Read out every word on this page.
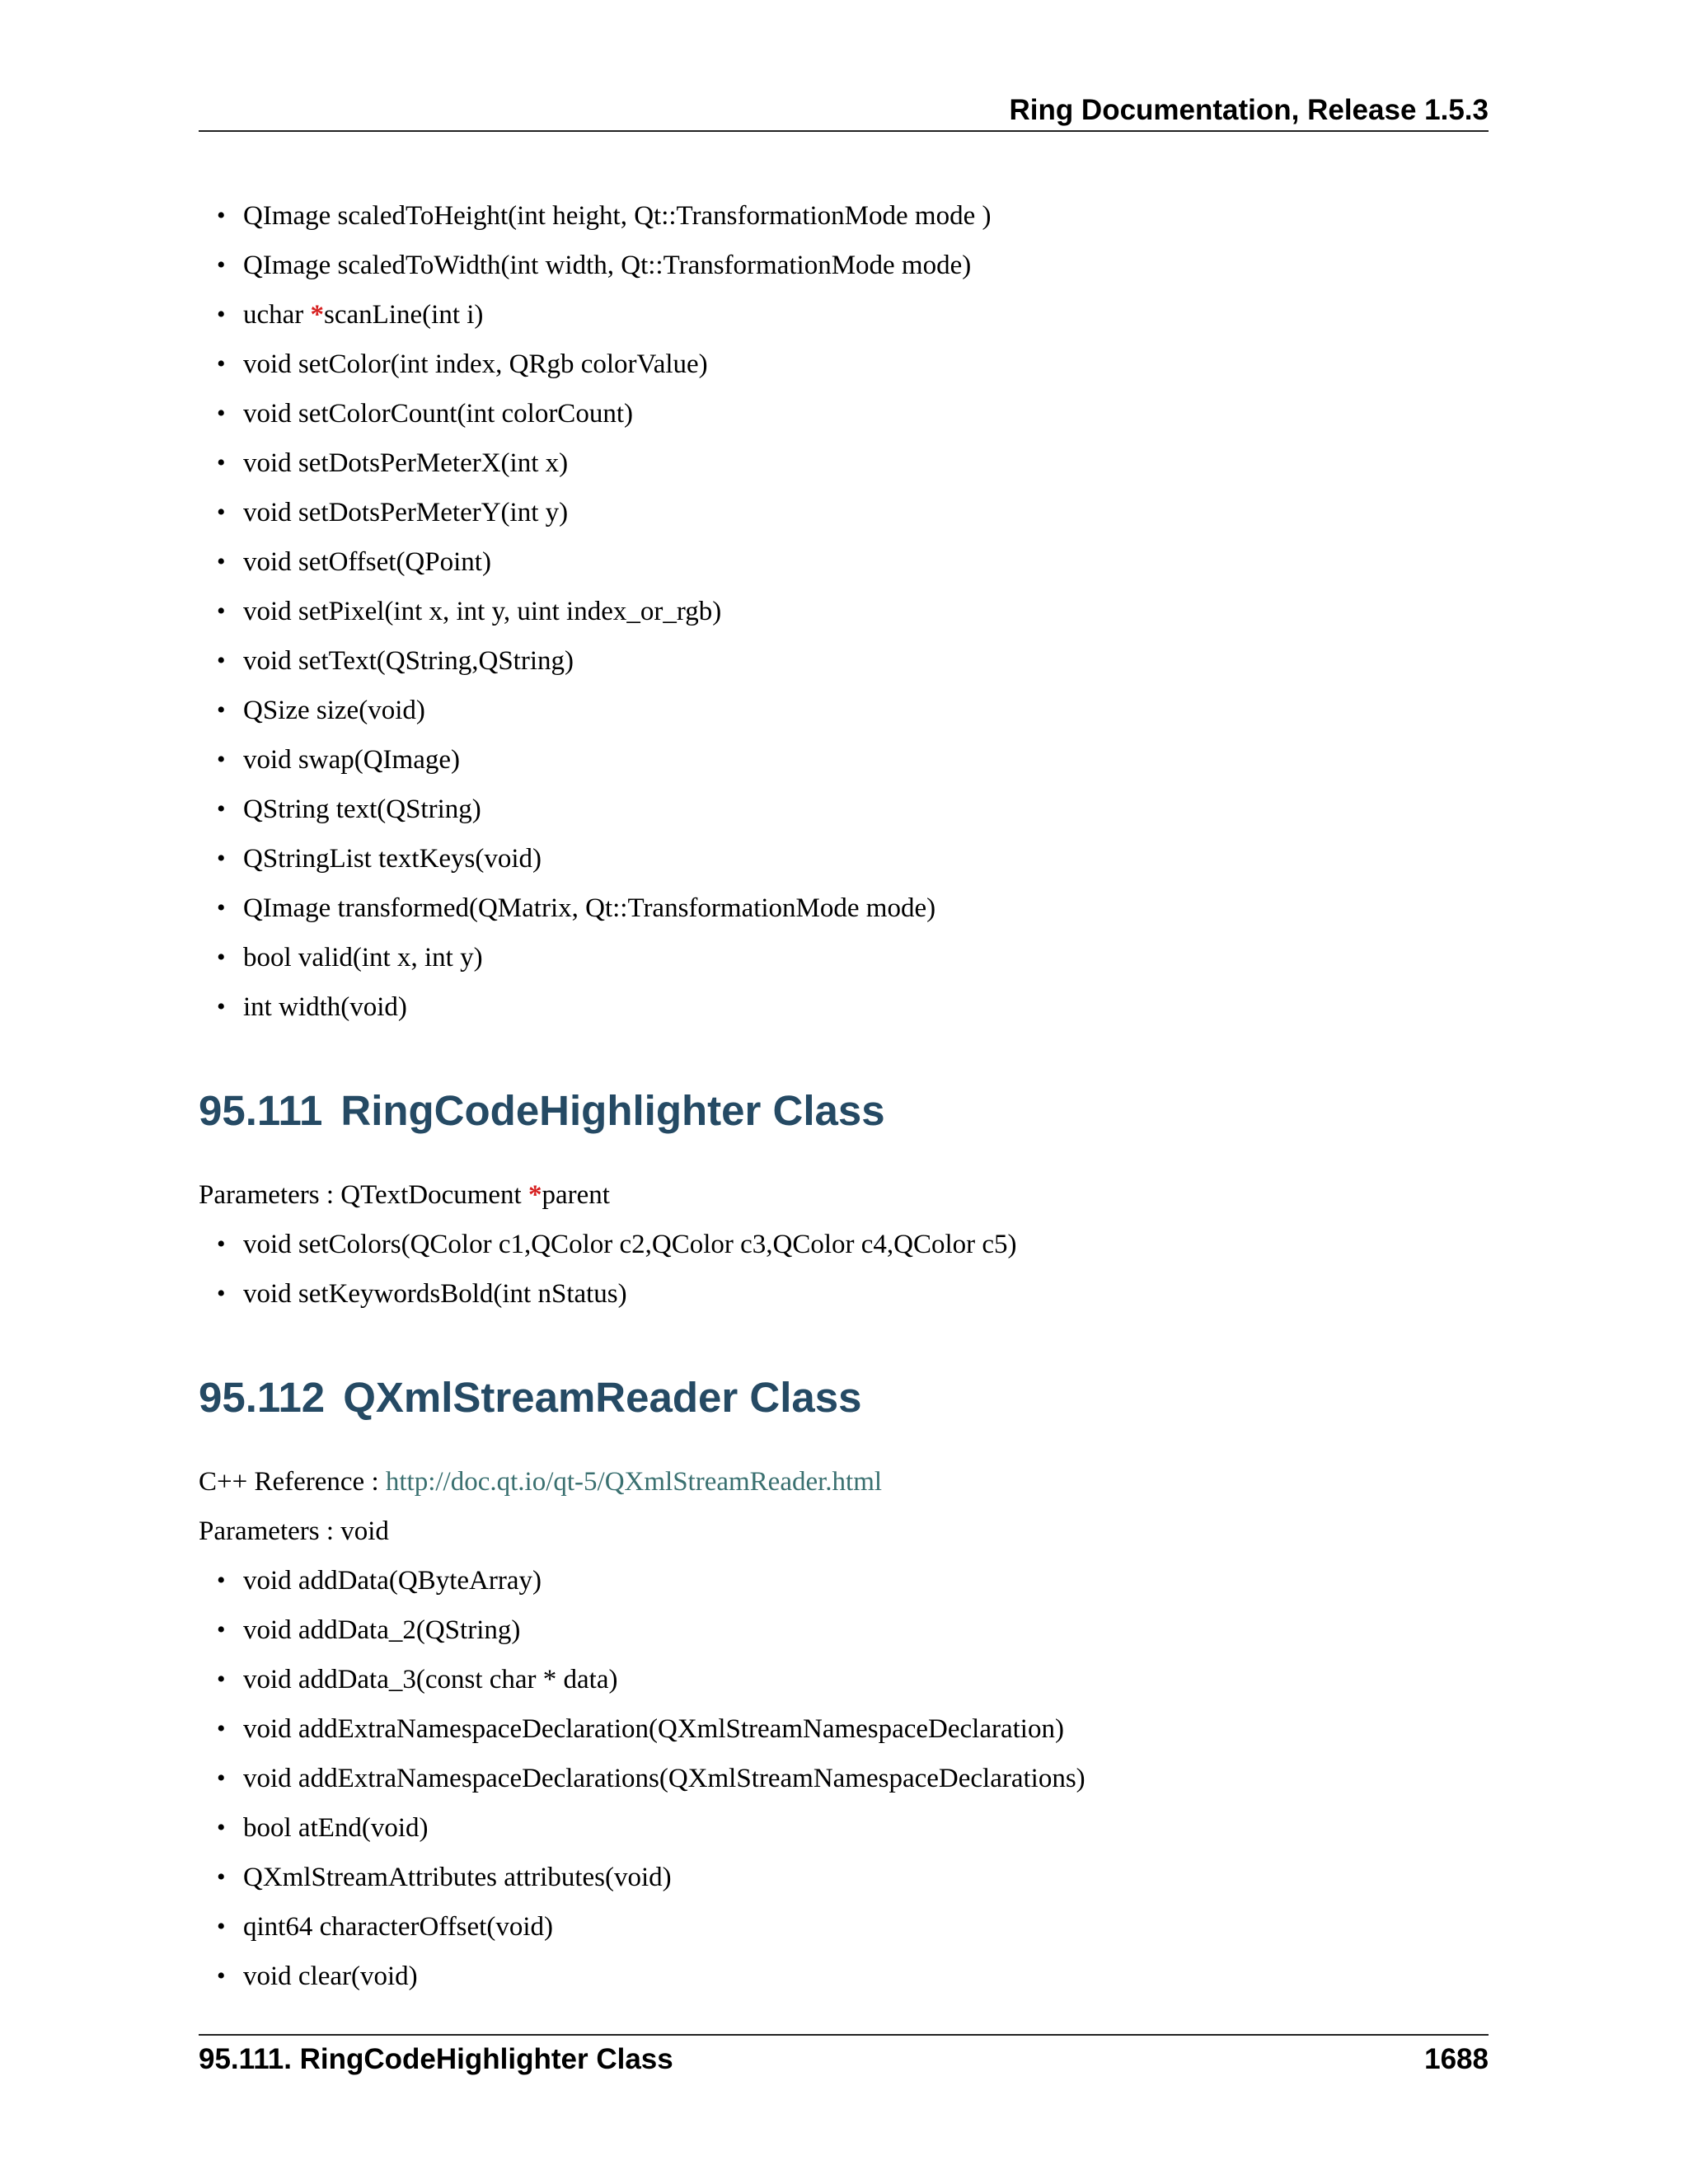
Ring Documentation, Release 1.5.3
• QImage scaledToHeight(int height, Qt::TransformationMode mode )
• QImage scaledToWidth(int width, Qt::TransformationMode mode)
• uchar *scanLine(int i)
• void setColor(int index, QRgb colorValue)
• void setColorCount(int colorCount)
• void setDotsPerMeterX(int x)
• void setDotsPerMeterY(int y)
• void setOffset(QPoint)
• void setPixel(int x, int y, uint index_or_rgb)
• void setText(QString,QString)
• QSize size(void)
• void swap(QImage)
• QString text(QString)
• QStringList textKeys(void)
• QImage transformed(QMatrix, Qt::TransformationMode mode)
• bool valid(int x, int y)
• int width(void)
95.111 RingCodeHighlighter Class

Parameters : QTextDocument *parent

• void setColors(QColor c1,QColor c2,QColor c3,QColor c4,QColor c5)
• void setKeywordsBold(int nStatus)
95.112 QXmlStreamReader Class

C++ Reference : http://doc.qt.io/qt-5/QXmlStreamReader.html

Parameters : void

• void addData(QByteArray)
• void addData_2(QString)
• void addData_3(const char * data)
• void addExtraNamespaceDeclaration(QXmlStreamNamespaceDeclaration)
• void addExtraNamespaceDeclarations(QXmlStreamNamespaceDeclarations)
• bool atEnd(void)
• QXmlStreamAttributes attributes(void)
• qint64 characterOffset(void)
• void clear(void)
95.111. RingCodeHighlighter Class	1688
